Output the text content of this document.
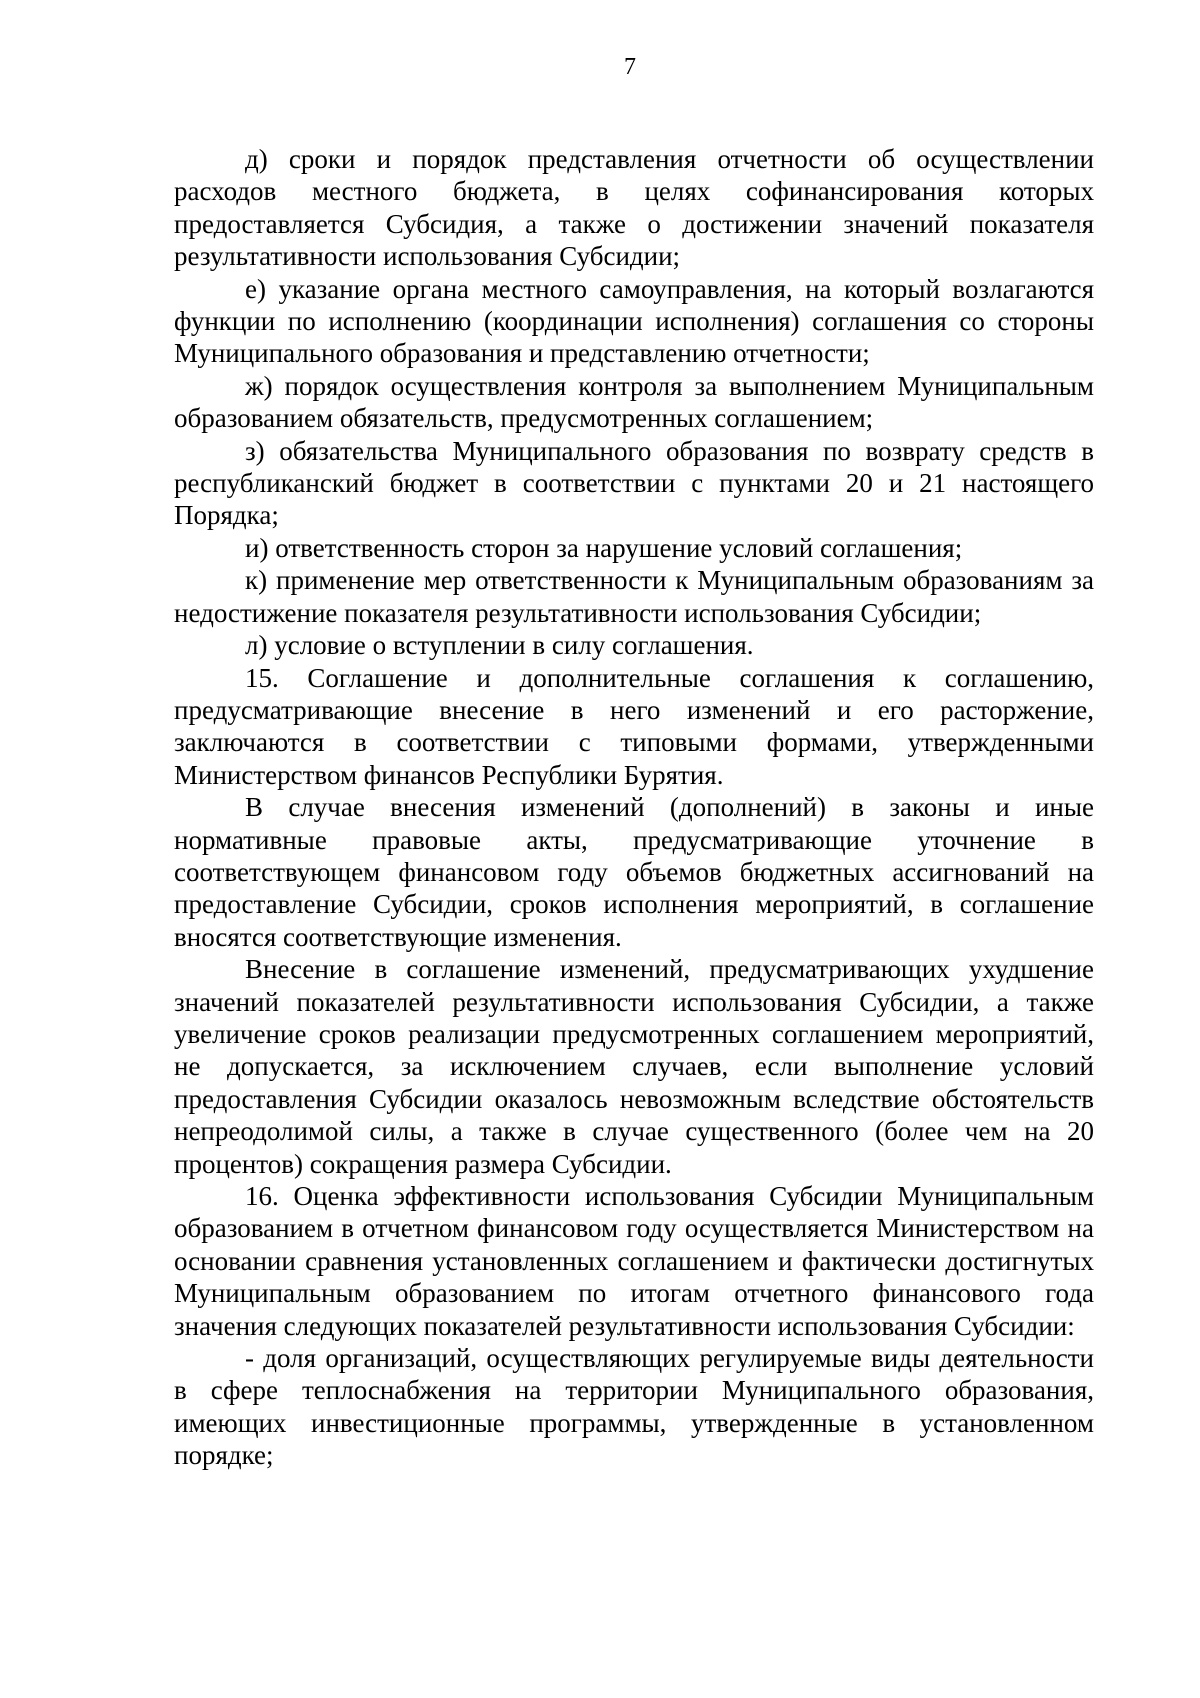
7

д) сроки и порядок представления отчетности об осуществлении расходов местного бюджета, в целях софинансирования которых предоставляется Субсидия, а также о достижении значений показателя результативности использования Субсидии;

е) указание органа местного самоуправления, на который возлагаются функции по исполнению (координации исполнения) соглашения со стороны Муниципального образования и представлению отчетности;

ж) порядок осуществления контроля за выполнением Муниципальным образованием обязательств, предусмотренных соглашением;

з) обязательства Муниципального образования по возврату средств в республиканский бюджет в соответствии с пунктами 20 и 21 настоящего Порядка;

и) ответственность сторон за нарушение условий соглашения;

к) применение мер ответственности к Муниципальным образованиям за недостижение показателя результативности использования Субсидии;

л) условие о вступлении в силу соглашения.

15. Соглашение и дополнительные соглашения к соглашению, предусматривающие внесение в него изменений и его расторжение, заключаются в соответствии с типовыми формами, утвержденными Министерством финансов Республики Бурятия.

В случае внесения изменений (дополнений) в законы и иные нормативные правовые акты, предусматривающие уточнение в соответствующем финансовом году объемов бюджетных ассигнований на предоставление Субсидии, сроков исполнения мероприятий, в соглашение вносятся соответствующие изменения.

Внесение в соглашение изменений, предусматривающих ухудшение значений показателей результативности использования Субсидии, а также увеличение сроков реализации предусмотренных соглашением мероприятий, не допускается, за исключением случаев, если выполнение условий предоставления Субсидии оказалось невозможным вследствие обстоятельств непреодолимой силы, а также в случае существенного (более чем на 20 процентов) сокращения размера Субсидии.

16. Оценка эффективности использования Субсидии Муниципальным образованием в отчетном финансовом году осуществляется Министерством на основании сравнения установленных соглашением и фактически достигнутых Муниципальным образованием по итогам отчетного финансового года значения следующих показателей результативности использования Субсидии:

- доля организаций, осуществляющих регулируемые виды деятельности в сфере теплоснабжения на территории Муниципального образования, имеющих инвестиционные программы, утвержденные в установленном порядке;
